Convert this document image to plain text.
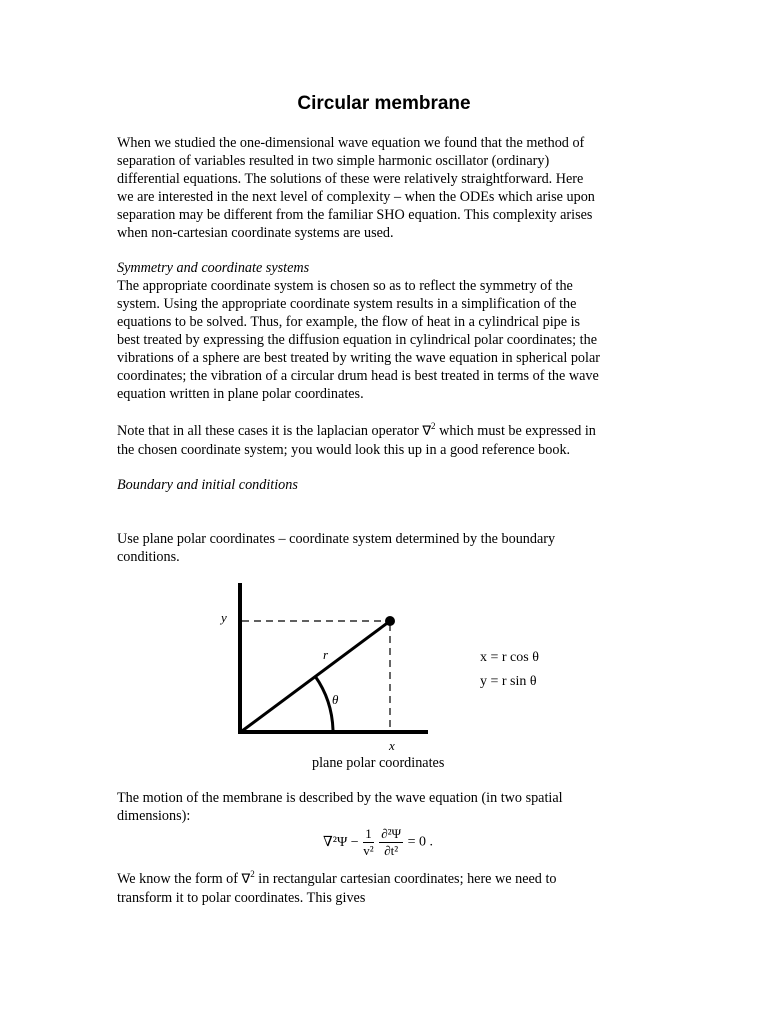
Circular membrane
When we studied the one-dimensional wave equation we found that the method of
separation of variables resulted in two simple harmonic oscillator (ordinary)
differential equations. The solutions of these were relatively straightforward. Here
we are interested in the next level of complexity – when the ODEs which arise upon
separation may be different from the familiar SHO equation. This complexity arises
when non-cartesian coordinate systems are used.
Symmetry and coordinate systems
The appropriate coordinate system is chosen so as to reflect the symmetry of the
system. Using the appropriate coordinate system results in a simplification of the
equations to be solved. Thus, for example, the flow of heat in a cylindrical pipe is
best treated by expressing the diffusion equation in cylindrical polar coordinates; the
vibrations of a sphere are best treated by writing the wave equation in spherical polar
coordinates; the vibration of a circular drum head is best treated in terms of the wave
equation written in plane polar coordinates.
Note that in all these cases it is the laplacian operator ∇$^2$ which must be expressed in
the chosen coordinate system; you would look this up in a good reference book.
Boundary and initial conditions
Use plane polar coordinates – coordinate system determined by the boundary
conditions.
y
x
r
θ
x = r cos θ
y = r sin θ
plane polar coordinates
The motion of the membrane is described by the wave equation (in two spatial
dimensions):
$\nabla^2\Psi - \frac{1}{\text{v²}}$
$\frac{\text{∂²Ψ}}{\text{∂t²}} = 0$ .
We know the form of ∇$^2$ in rectangular cartesian coordinates; here we need to
transform it to polar coordinates. This gives
